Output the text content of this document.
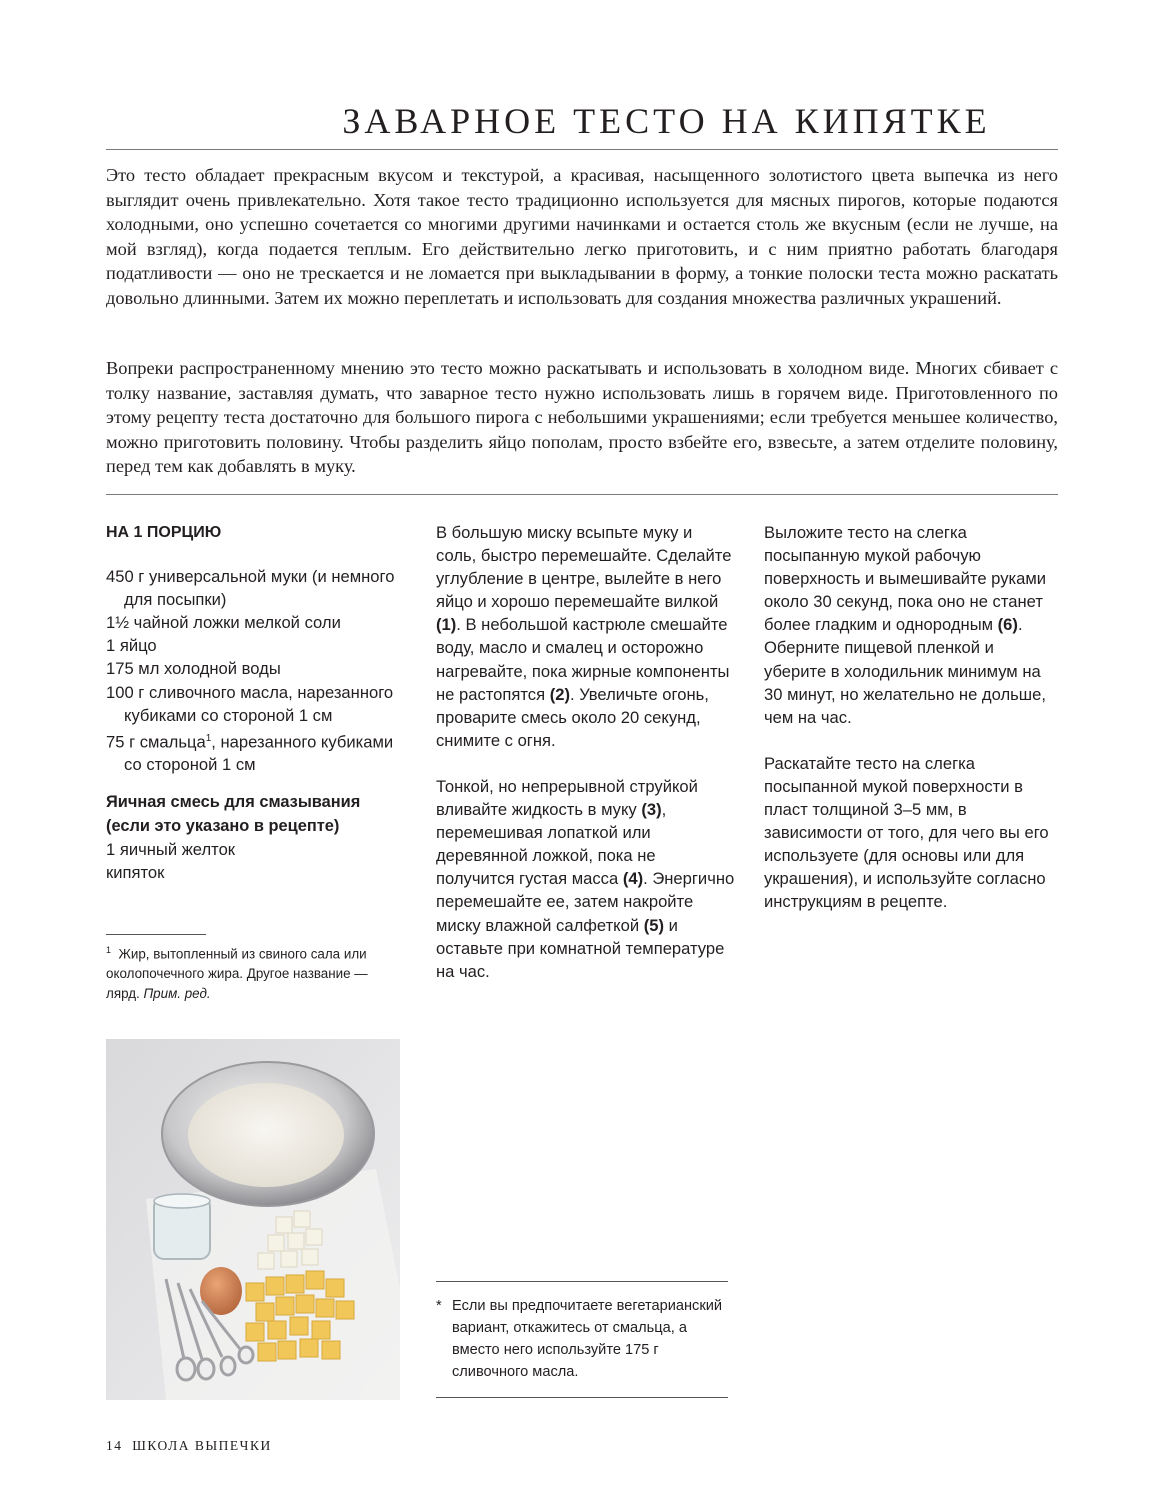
ЗАВАРНОЕ ТЕСТО НА КИПЯТКЕ

Это тесто обладает прекрасным вкусом и текстурой, а красивая, насыщенного золотистого цвета выпечка из него выглядит очень привлекательно. Хотя такое тесто традиционно используется для мясных пирогов, которые подаются холодными, оно успешно сочетается со многими другими начинками и остается столь же вкусным (если не лучше, на мой взгляд), когда подается теплым. Его действительно легко приготовить, и с ним приятно работать благодаря податливости — оно не трескается и не ломается при выкладывании в форму, а тонкие полоски теста можно раскатать довольно длинными. Затем их можно переплетать и использовать для создания множества различных украшений.

Вопреки распространенному мнению это тесто можно раскатывать и использовать в холодном виде. Многих сбивает с толку название, заставляя думать, что заварное тесто нужно использовать лишь в горячем виде. Приготовленного по этому рецепту теста достаточно для большого пирога с небольшими украшениями; если требуется меньшее количество, можно приготовить половину. Чтобы разделить яйцо пополам, просто взбейте его, взвесьте, а затем отделите половину, перед тем как добавлять в муку.

НА 1 ПОРЦИЮ

450 г универсальной муки (и немного для посыпки)
1½ чайной ложки мелкой соли
1 яйцо
175 мл холодной воды
100 г сливочного масла, нарезанного кубиками со стороной 1 см
75 г смальца$^1$, нарезанного кубиками со стороной 1 см

Яичная смесь для смазывания (если это указано в рецепте)

1 яичный желток

кипяток

$^1$ Жир, вытопленный из свиного сала или околопочечного жира. Другое название — лярд. Прим. ред.

В большую миску всыпьте муку и соль, быстро перемешайте. Сделайте углубление в центре, вылейте в него яйцо и хорошо перемешайте вилкой (1). В небольшой кастрюле смешайте воду, масло и смалец и осторожно нагревайте, пока жирные компоненты не растопятся (2). Увеличьте огонь, проварите смесь около 20 секунд, снимите с огня.

Тонкой, но непрерывной струйкой вливайте жидкость в муку (3), перемешивая лопаткой или деревянной ложкой, пока не получится густая масса (4). Энергично перемешайте ее, затем накройте миску влажной салфеткой (5) и оставьте при комнатной температуре на час.

Выложите тесто на слегка посыпанную мукой рабочую поверхность и вымешивайте руками около 30 секунд, пока оно не станет более гладким и однородным (6). Оберните пищевой пленкой и уберите в холодильник минимум на 30 минут, но желательно не дольше, чем на час.

Раскатайте тесто на слегка посыпанной мукой поверхности в пласт толщиной 3–5 мм, в зависимости от того, для чего вы его используете (для основы или для украшения), и используйте согласно инструкциям в рецепте.

* Если вы предпочитаете вегетарианский вариант, откажитесь от смальца, а вместо него используйте 175 г сливочного масла.
14 ШКОЛА ВЫПЕЧКИ
